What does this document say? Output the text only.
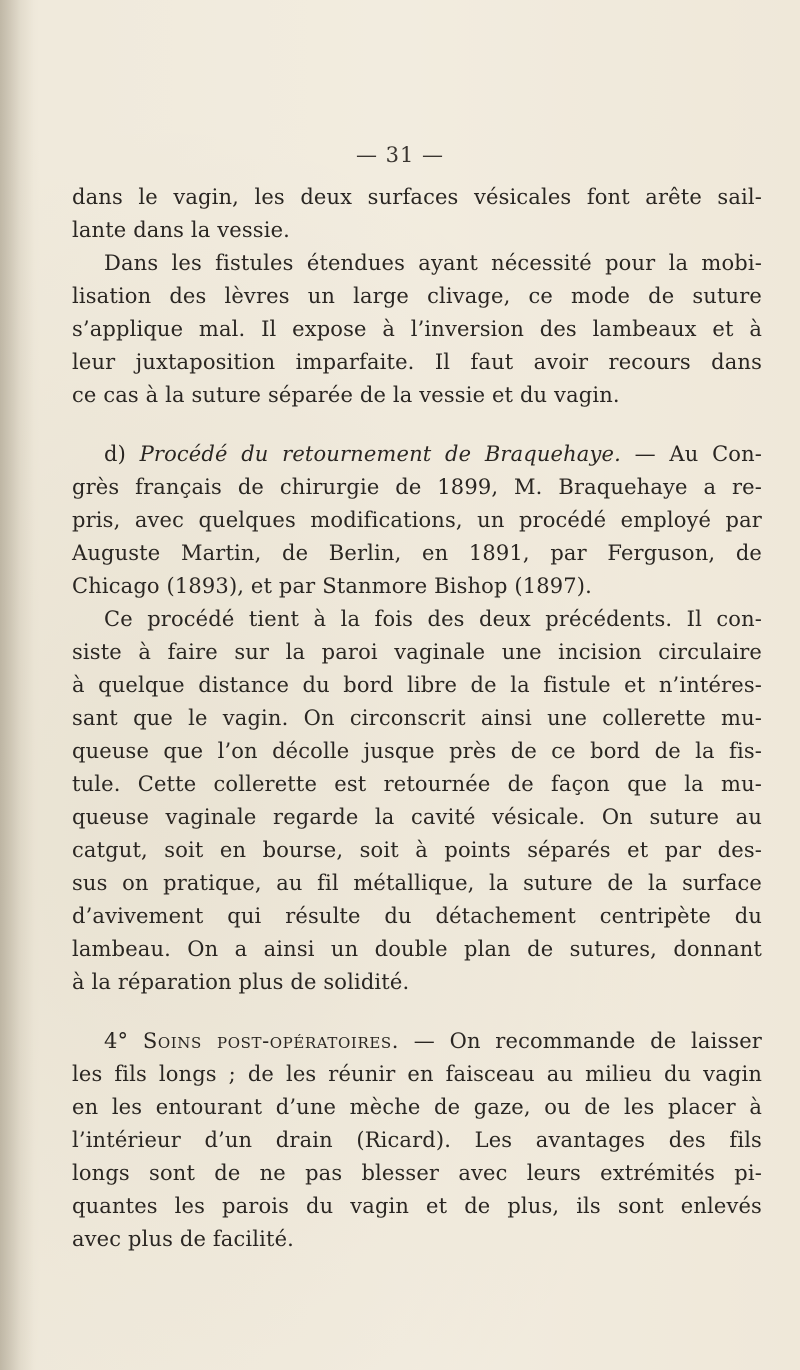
— 31 —
dans le vagin, les deux surfaces vésicales font arête sail-
lante dans la vessie.
Dans les fistules étendues ayant nécessité pour la mobi-
lisation des lèvres un large clivage, ce mode de suture
s’applique mal. Il expose à l’inversion des lambeaux et à
leur juxtaposition imparfaite. Il faut avoir recours dans
ce cas à la suture séparée de la vessie et du vagin.
d) Procédé du retournement de Braquehaye. — Au Con-
grès français de chirurgie de 1899, M. Braquehaye a re-
pris, avec quelques modifications, un procédé employé par
Auguste Martin, de Berlin, en 1891, par Ferguson, de
Chicago (1893), et par Stanmore Bishop (1897).
Ce procédé tient à la fois des deux précédents. Il con-
siste à faire sur la paroi vaginale une incision circulaire
à quelque distance du bord libre de la fistule et n’intéres-
sant que le vagin. On circonscrit ainsi une collerette mu-
queuse que l’on décolle jusque près de ce bord de la fis-
tule. Cette collerette est retournée de façon que la mu-
queuse vaginale regarde la cavité vésicale. On suture au
catgut, soit en bourse, soit à points séparés et par des-
sus on pratique, au fil métallique, la suture de la surface
d’avivement qui résulte du détachement centripète du
lambeau. On a ainsi un double plan de sutures, donnant
à la réparation plus de solidité.
4° Soins post-opératoires. — On recommande de laisser
les fils longs ; de les réunir en faisceau au milieu du vagin
en les entourant d’une mèche de gaze, ou de les placer à
l’intérieur d’un drain (Ricard). Les avantages des fils
longs sont de ne pas blesser avec leurs extrémités pi-
quantes les parois du vagin et de plus, ils sont enlevés
avec plus de facilité.
